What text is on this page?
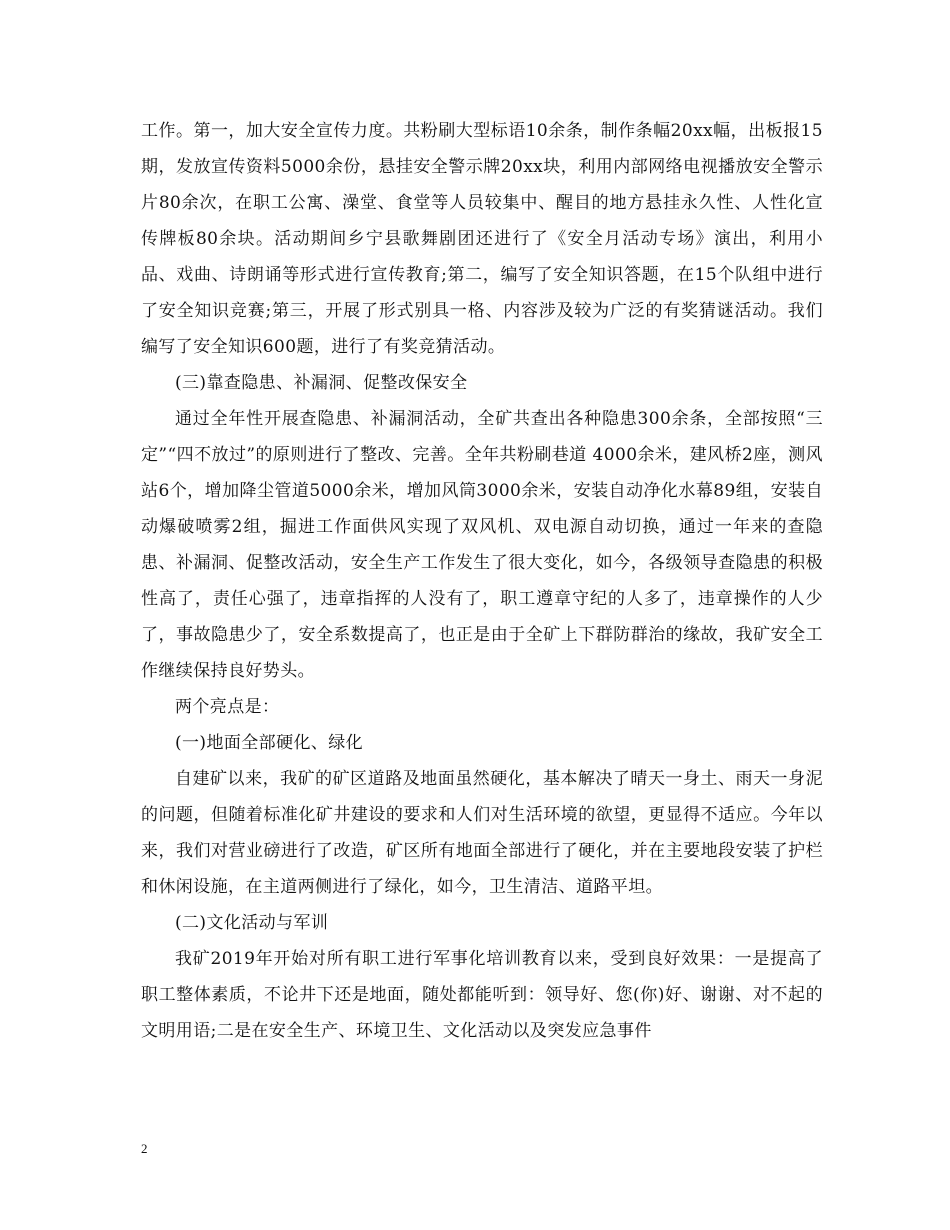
工作。第一，加大安全宣传力度。共粉刷大型标语10余条，制作条幅20xx幅，出板报15期，发放宣传资料5000余份，悬挂安全警示牌20xx块，利用内部网络电视播放安全警示片80余次，在职工公寓、澡堂、食堂等人员较集中、醒目的地方悬挂永久性、人性化宣传牌板80余块。活动期间乡宁县歌舞剧团还进行了《安全月活动专场》演出，利用小品、戏曲、诗朗诵等形式进行宣传教育;第二，编写了安全知识答题，在15个队组中进行了安全知识竞赛;第三，开展了形式别具一格、内容涉及较为广泛的有奖猜谜活动。我们编写了安全知识600题，进行了有奖竞猜活动。

(三)靠查隐患、补漏洞、促整改保安全

通过全年性开展查隐患、补漏洞活动，全矿共查出各种隐患300余条，全部按照“三定”“四不放过”的原则进行了整改、完善。全年共粉刷巷道 4000余米，建风桥2座，测风站6个，增加降尘管道5000余米，增加风筒3000余米，安装自动净化水幕89组，安装自动爆破喷雾2组，掘进工作面供风实现了双风机、双电源自动切换，通过一年来的查隐患、补漏洞、促整改活动，安全生产工作发生了很大变化，如今，各级领导查隐患的积极性高了，责任心强了，违章指挥的人没有了，职工遵章守纪的人多了，违章操作的人少了，事故隐患少了，安全系数提高了，也正是由于全矿上下群防群治的缘故，我矿安全工作继续保持良好势头。

两个亮点是：

(一)地面全部硬化、绿化

自建矿以来，我矿的矿区道路及地面虽然硬化，基本解决了晴天一身土、雨天一身泥的问题，但随着标准化矿井建设的要求和人们对生活环境的欲望，更显得不适应。今年以来，我们对营业磅进行了改造，矿区所有地面全部进行了硬化，并在主要地段安装了护栏和休闲设施，在主道两侧进行了绿化，如今，卫生清洁、道路平坦。

(二)文化活动与军训

我矿2019年开始对所有职工进行军事化培训教育以来，受到良好效果：一是提高了职工整体素质，不论井下还是地面，随处都能听到：领导好、您(你)好、谢谢、对不起的文明用语;二是在安全生产、环境卫生、文化活动以及突发应急事件

2
